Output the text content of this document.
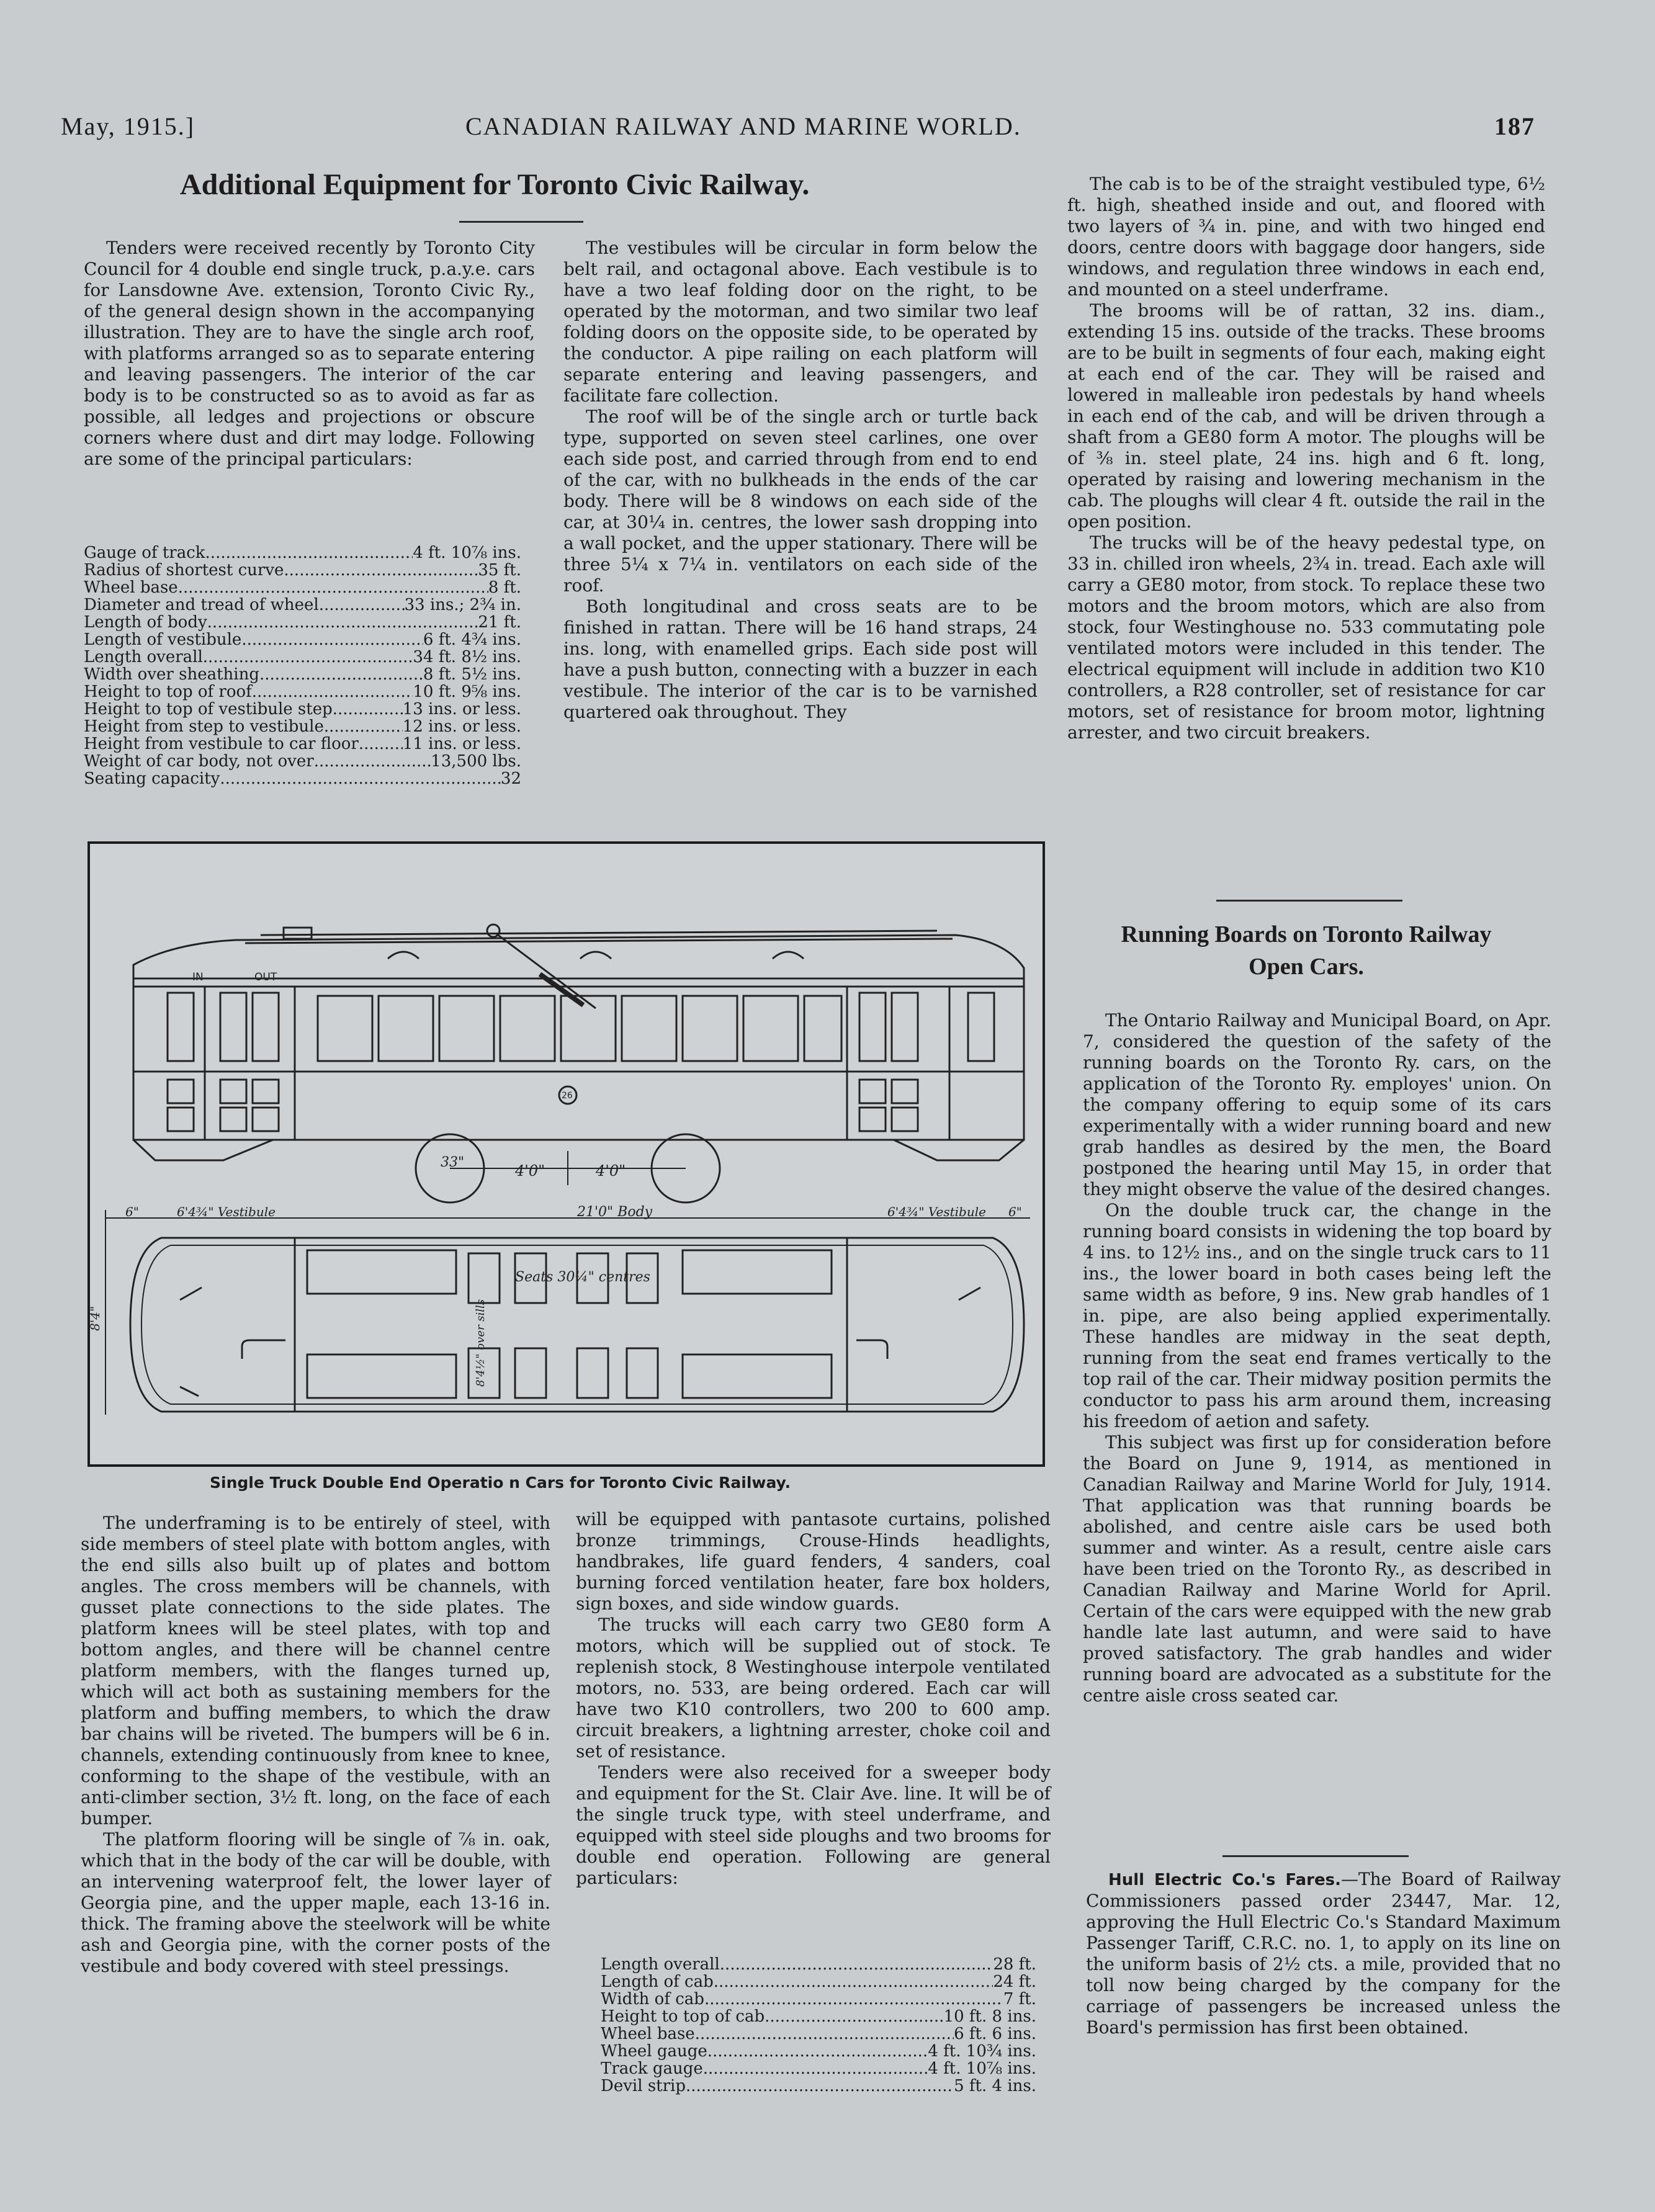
May, 1915.]	CANADIAN RAILWAY AND MARINE WORLD.	187
Additional Equipment for Toronto Civic Railway.

Tenders were received recently by Toronto City Council for 4 double end single truck, p.a.y.e. cars for Lansdowne Ave. extension, Toronto Civic Ry., of the general design shown in the accompanying illustration. They are to have the single arch roof, with platforms arranged so as to separate entering and leaving passengers. The interior of the car body is to be constructed so as to avoid as far as possible, all ledges and projections or obscure corners where dust and dirt may lodge. Following are some of the principal particulars:

Gauge of track .....	4 ft. 10⅞ ins.
Radius of shortest curve .....	35 ft.
Wheel base .....	8 ft.
Diameter and tread of wheel .....	33 ins.; 2¾ in.
Length of body .....	21 ft.
Length of vestibule .....	6 ft. 4¾ ins.
Length overall .....	34 ft. 8½ ins.
Width over sheathing .....	8 ft. 5½ ins.
Height to top of roof .....	10 ft. 9⅝ ins.
Height to top of vestibule step .....	13 ins. or less.
Height from step to vestibule .....	12 ins. or less.
Height from vestibule to car floor .....	11 ins. or less.
Weight of car body, not over .....	13,500 lbs.
Seating capacity .....	32

The vestibules will be circular in form below the belt rail, and octagonal above. Each vestibule is to have a two leaf folding door on the right, to be operated by the motorman, and two similar two leaf folding doors on the opposite side, to be operated by the conductor. A pipe railing on each platform will separate entering and leaving passengers, and facilitate fare collection.

The roof will be of the single arch or turtle back type, supported on seven steel carlines, one over each side post, and carried through from end to end of the car, with no bulkheads in the ends of the car body. There will be 8 windows on each side of the car, at 30¼ in. centres, the lower sash dropping into a wall pocket, and the upper stationary. There will be three 5¼ x 7¼ in. ventilators on each side of the roof.

Both longitudinal and cross seats are to be finished in rattan. There will be 16 hand straps, 24 ins. long, with enamelled grips. Each side post will have a push button, connecting with a buzzer in each vestibule. The interior of the car is to be varnished quartered oak throughout. They

The cab is to be of the straight vestibuled type, 6½ ft. high, sheathed inside and out, and floored with two layers of ¾ in. pine, and with two hinged end doors, centre doors with baggage door hangers, side windows, and regulation three windows in each end, and mounted on a steel underframe.

The brooms will be of rattan, 32 ins. diam., extending 15 ins. outside of the tracks. These brooms are to be built in segments of four each, making eight at each end of the car. They will be raised and lowered in malleable iron pedestals by hand wheels in each end of the cab, and will be driven through a shaft from a GE80 form A motor. The ploughs will be of ⅜ in. steel plate, 24 ins. high and 6 ft. long, operated by raising and lowering mechanism in the cab. The ploughs will clear 4 ft. outside the rail in the open position.

The trucks will be of the heavy pedestal type, on 33 in. chilled iron wheels, 2¾ in. tread. Each axle will carry a GE80 motor, from stock. To replace these two motors and the broom motors, which are also from stock, four Westinghouse no. 533 commutating pole ventilated motors were included in this tender. The electrical equipment will include in addition two K10 controllers, a R28 controller, set of resistance for car motors, set of resistance for broom motor, lightning arrester, and two circuit breakers.

IN	OUT
26
33"	4'0"	4'0"
6"	6'4¾" Vestibule	21'0" Body	6'4¾" Vestibule 6"
8'4"	8'4½" over sills
Seats 30¼" centres
Single Truck Double End Operatio n Cars for Toronto Civic Railway.

The underframing is to be entirely of steel, with side members of steel plate with bottom angles, with the end sills also built up of plates and bottom angles. The cross members will be channels, with gusset plate connections to the side plates. The platform knees will be steel plates, with top and bottom angles, and there will be channel centre platform members, with the flanges turned up, which will act both as sustaining members for the platform and buffing members, to which the draw bar chains will be riveted. The bumpers will be 6 in. channels, extending continuously from knee to knee, conforming to the shape of the vestibule, with an anti-climber section, 3½ ft. long, on the face of each bumper.

The platform flooring will be single of ⅞ in. oak, which that in the body of the car will be double, with an intervening waterproof felt, the lower layer of Georgia pine, and the upper maple, each 13-16 in. thick. The framing above the steelwork will be white ash and Georgia pine, with the corner posts of the vestibule and body covered with steel pressings.

will be equipped with pantasote curtains, polished bronze trimmings, Crouse-Hinds headlights, handbrakes, life guard fenders, 4 sanders, coal burning forced ventilation heater, fare box holders, sign boxes, and side window guards.

The trucks will each carry two GE80 form A motors, which will be supplied out of stock. Te replenish stock, 8 Westinghouse interpole ventilated motors, no. 533, are being ordered. Each car will have two K10 controllers, two 200 to 600 amp. circuit breakers, a lightning arrester, choke coil and set of resistance.

Tenders were also received for a sweeper body and equipment for the St. Clair Ave. line. It will be of the single truck type, with steel underframe, and equipped with steel side ploughs and two brooms for double end operation. Following are general particulars:

Length overall .....	28 ft.
Length of cab .....	24 ft.
Width of cab .....	7 ft.
Height to top of cab .....	10 ft. 8 ins.
Wheel base .....	6 ft. 6 ins.
Wheel gauge .....	4 ft. 10¾ ins.
Track gauge .....	4 ft. 10⅞ ins.
Devil strip .....	5 ft. 4 ins.
Running Boards on Toronto Railway
Open Cars.

The Ontario Railway and Municipal Board, on Apr. 7, considered the question of the safety of the running boards on the Toronto Ry. cars, on the application of the Toronto Ry. employes' union. On the company offering to equip some of its cars experimentally with a wider running board and new grab handles as desired by the men, the Board postponed the hearing until May 15, in order that they might observe the value of the desired changes.

On the double truck car, the change in the running board consists in widening the top board by 4 ins. to 12½ ins., and on the single truck cars to 11 ins., the lower board in both cases being left the same width as before, 9 ins. New grab handles of 1 in. pipe, are also being applied experimentally. These handles are midway in the seat depth, running from the seat end frames vertically to the top rail of the car. Their midway position permits the conductor to pass his arm around them, increasing his freedom of aetion and safety.

This subject was first up for consideration before the Board on June 9, 1914, as mentioned in Canadian Railway and Marine World for July, 1914. That application was that running boards be abolished, and centre aisle cars be used both summer and winter. As a result, centre aisle cars have been tried on the Toronto Ry., as described in Canadian Railway and Marine World for April. Certain of the cars were equipped with the new grab handle late last autumn, and were said to have proved satisfactory. The grab handles and wider running board are advocated as a substitute for the centre aisle cross seated car.

Hull Electric Co.'s Fares.—The Board of Railway Commissioners passed order 23447, Mar. 12, approving the Hull Electric Co.'s Standard Maximum Passenger Tariff, C.R.C. no. 1, to apply on its line on the uniform basis of 2½ cts. a mile, provided that no toll now being charged by the company for the carriage of passengers be increased unless the Board's permission has first been obtained.
